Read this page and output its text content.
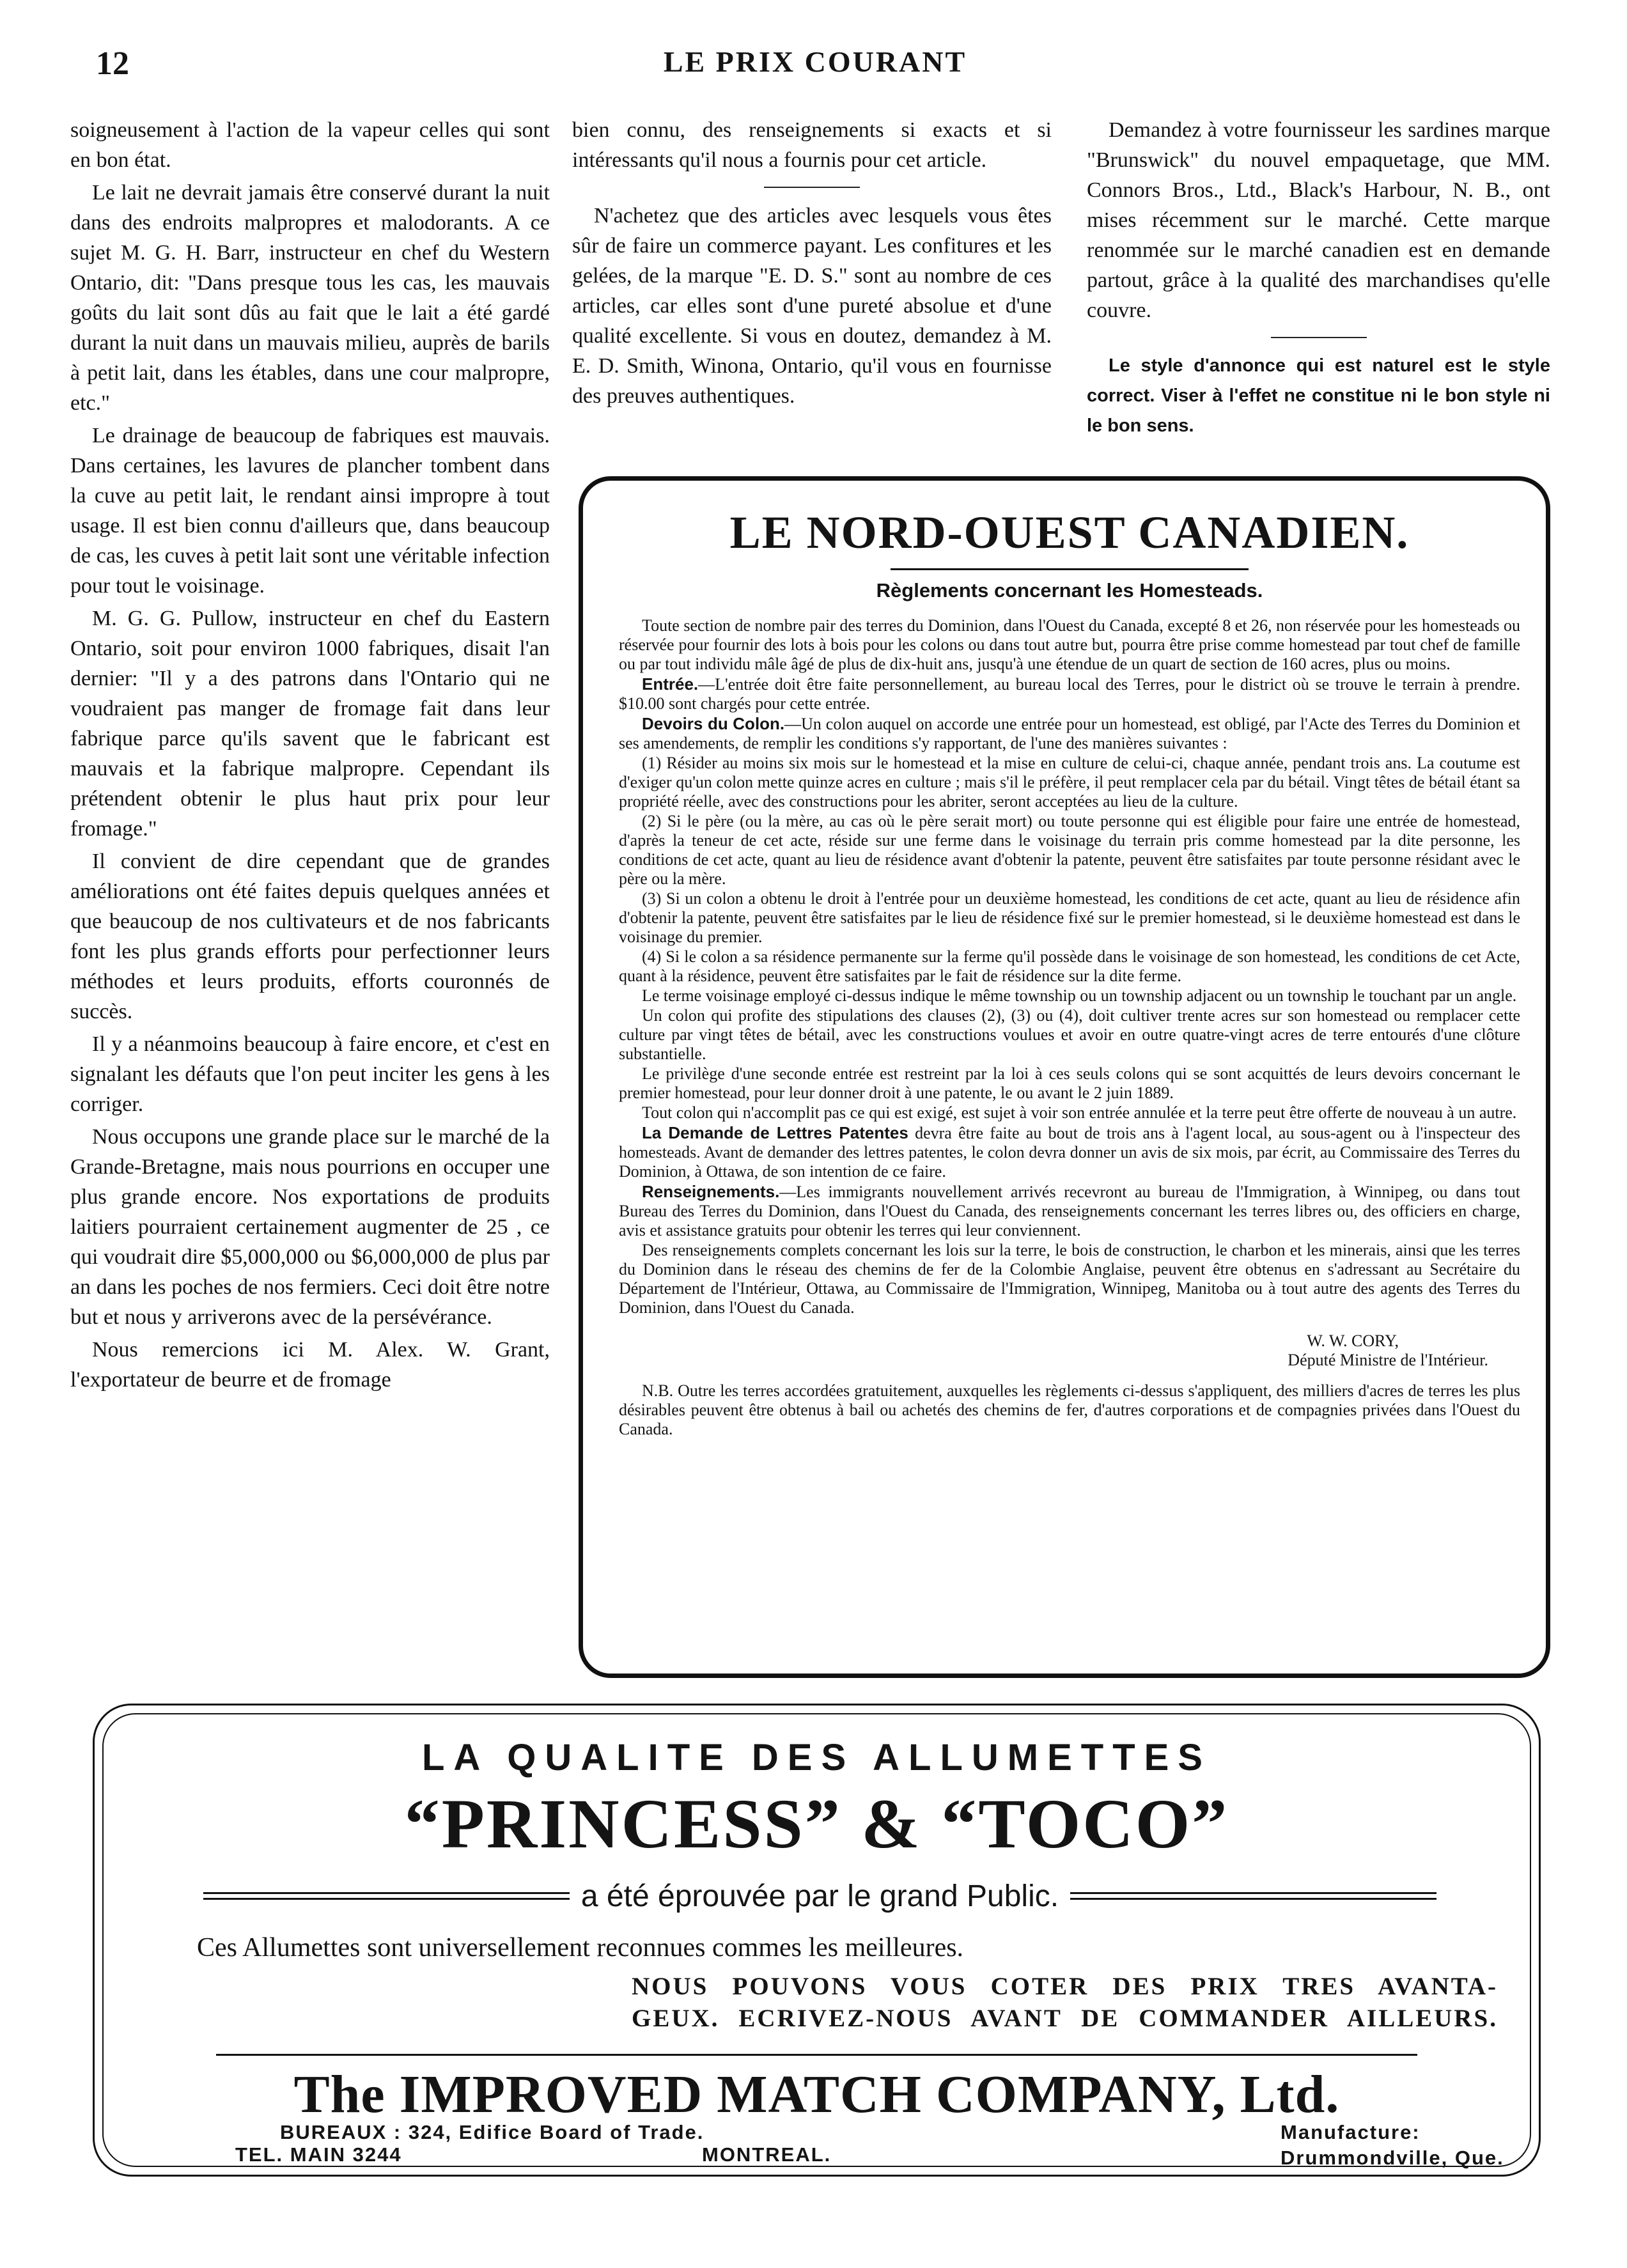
12	LE PRIX COURANT

soigneusement à l'action de la vapeur celles qui sont en bon état.

Le lait ne devrait jamais être conservé durant la nuit dans des endroits malpropres et malodorants. A ce sujet M. G. H. Barr, instructeur en chef du Western Ontario, dit: "Dans presque tous les cas, les mauvais goûts du lait sont dûs au fait que le lait a été gardé durant la nuit dans un mauvais milieu, auprès de barils à petit lait, dans les étables, dans une cour malpropre, etc."

Le drainage de beaucoup de fabriques est mauvais. Dans certaines, les lavures de plancher tombent dans la cuve au petit lait, le rendant ainsi impropre à tout usage. Il est bien connu d'ailleurs que, dans beaucoup de cas, les cuves à petit lait sont une véritable infection pour tout le voisinage.

M. G. G. Pullow, instructeur en chef du Eastern Ontario, soit pour environ 1000 fabriques, disait l'an dernier: "Il y a des patrons dans l'Ontario qui ne voudraient pas manger de fromage fait dans leur fabrique parce qu'ils savent que le fabricant est mauvais et la fabrique malpropre. Cependant ils prétendent obtenir le plus haut prix pour leur fromage."

Il convient de dire cependant que de grandes améliorations ont été faites depuis quelques années et que beaucoup de nos cultivateurs et de nos fabricants font les plus grands efforts pour perfectionner leurs méthodes et leurs produits, efforts couronnés de succès.

Il y a néanmoins beaucoup à faire encore, et c'est en signalant les défauts que l'on peut inciter les gens à les corriger.

Nous occupons une grande place sur le marché de la Grande-Bretagne, mais nous pourrions en occuper une plus grande encore. Nos exportations de produits laitiers pourraient certainement augmenter de 25 , ce qui voudrait dire $5,000,000 ou $6,000,000 de plus par an dans les poches de nos fermiers. Ceci doit être notre but et nous y arriverons avec de la persévérance.

Nous remercions ici M. Alex. W. Grant, l'exportateur de beurre et de fromage

bien connu, des renseignements si exacts et si intéressants qu'il nous a fournis pour cet article.

N'achetez que des articles avec lesquels vous êtes sûr de faire un commerce payant. Les confitures et les gelées, de la marque "E. D. S." sont au nombre de ces articles, car elles sont d'une pureté absolue et d'une qualité excellente. Si vous en doutez, demandez à M. E. D. Smith, Winona, Ontario, qu'il vous en fournisse des preuves authentiques.

Demandez à votre fournisseur les sardines marque "Brunswick" du nouvel empaquetage, que MM. Connors Bros., Ltd., Black's Harbour, N. B., ont mises récemment sur le marché. Cette marque renommée sur le marché canadien est en demande partout, grâce à la qualité des marchandises qu'elle couvre.

Le style d'annonce qui est naturel est le style correct. Viser à l'effet ne constitue ni le bon style ni le bon sens.

LE NORD-OUEST CANADIEN.
Règlements concernant les Homesteads.

Toute section de nombre pair des terres du Dominion, dans l'Ouest du Canada, excepté 8 et 26, non réservée pour les homesteads ou réservée pour fournir des lots à bois pour les colons ou dans tout autre but, pourra être prise comme homestead par tout chef de famille ou par tout individu mâle âgé de plus de dix-huit ans, jusqu'à une étendue de un quart de section de 160 acres, plus ou moins.

Entrée.—L'entrée doit être faite personnellement, au bureau local des Terres, pour le district où se trouve le terrain à prendre. $10.00 sont chargés pour cette entrée.

Devoirs du Colon.—Un colon auquel on accorde une entrée pour un homestead, est obligé, par l'Acte des Terres du Dominion et ses amendements, de remplir les conditions s'y rapportant, de l'une des manières suivantes :

(1) Résider au moins six mois sur le homestead et la mise en culture de celui-ci, chaque année, pendant trois ans. La coutume est d'exiger qu'un colon mette quinze acres en culture ; mais s'il le préfère, il peut remplacer cela par du bétail. Vingt têtes de bétail étant sa propriété réelle, avec des constructions pour les abriter, seront acceptées au lieu de la culture.

(2) Si le père (ou la mère, au cas où le père serait mort) ou toute personne qui est éligible pour faire une entrée de homestead, d'après la teneur de cet acte, réside sur une ferme dans le voisinage du terrain pris comme homestead par la dite personne, les conditions de cet acte, quant au lieu de résidence avant d'obtenir la patente, peuvent être satisfaites par toute personne résidant avec le père ou la mère.

(3) Si un colon a obtenu le droit à l'entrée pour un deuxième homestead, les conditions de cet acte, quant au lieu de résidence afin d'obtenir la patente, peuvent être satisfaites par le lieu de résidence fixé sur le premier homestead, si le deuxième homestead est dans le voisinage du premier.

(4) Si le colon a sa résidence permanente sur la ferme qu'il possède dans le voisinage de son homestead, les conditions de cet Acte, quant à la résidence, peuvent être satisfaites par le fait de résidence sur la dite ferme.

Le terme voisinage employé ci-dessus indique le même township ou un township adjacent ou un township le touchant par un angle.

Un colon qui profite des stipulations des clauses (2), (3) ou (4), doit cultiver trente acres sur son homestead ou remplacer cette culture par vingt têtes de bétail, avec les constructions voulues et avoir en outre quatre-vingt acres de terre entourés d'une clôture substantielle.

Le privilège d'une seconde entrée est restreint par la loi à ces seuls colons qui se sont acquittés de leurs devoirs concernant le premier homestead, pour leur donner droit à une patente, le ou avant le 2 juin 1889.

Tout colon qui n'accomplit pas ce qui est exigé, est sujet à voir son entrée annulée et la terre peut être offerte de nouveau à un autre.

La Demande de Lettres Patentes devra être faite au bout de trois ans à l'agent local, au sous-agent ou à l'inspecteur des homesteads. Avant de demander des lettres patentes, le colon devra donner un avis de six mois, par écrit, au Commissaire des Terres du Dominion, à Ottawa, de son intention de ce faire.

Renseignements.—Les immigrants nouvellement arrivés recevront au bureau de l'Immigration, à Winnipeg, ou dans tout Bureau des Terres du Dominion, dans l'Ouest du Canada, des renseignements concernant les terres libres ou, des officiers en charge, avis et assistance gratuits pour obtenir les terres qui leur conviennent.

Des renseignements complets concernant les lois sur la terre, le bois de construction, le charbon et les minerais, ainsi que les terres du Dominion dans le réseau des chemins de fer de la Colombie Anglaise, peuvent être obtenus en s'adressant au Secrétaire du Département de l'Intérieur, Ottawa, au Commissaire de l'Immigration, Winnipeg, Manitoba ou à tout autre des agents des Terres du Dominion, dans l'Ouest du Canada.

W. W. CORY,
Député Ministre de l'Intérieur.

N.B. Outre les terres accordées gratuitement, auxquelles les règlements ci-dessus s'appliquent, des milliers d'acres de terres les plus désirables peuvent être obtenus à bail ou achetés des chemins de fer, d'autres corporations et de compagnies privées dans l'Ouest du Canada.

LA QUALITE DES ALLUMETTES
“PRINCESS” & “TOCO”
a été éprouvée par le grand Public.
Ces Allumettes sont universellement reconnues commes les meilleures.
NOUS POUVONS VOUS COTER DES PRIX TRES AVANTA-
GEUX. ECRIVEZ-NOUS AVANT DE COMMANDER AILLEURS.
The IMPROVED MATCH COMPANY, Ltd.
BUREAUX : 324, Edifice Board of Trade.
TEL. MAIN 3244	MONTREAL.
Manufacture:
Drummondville, Que.
